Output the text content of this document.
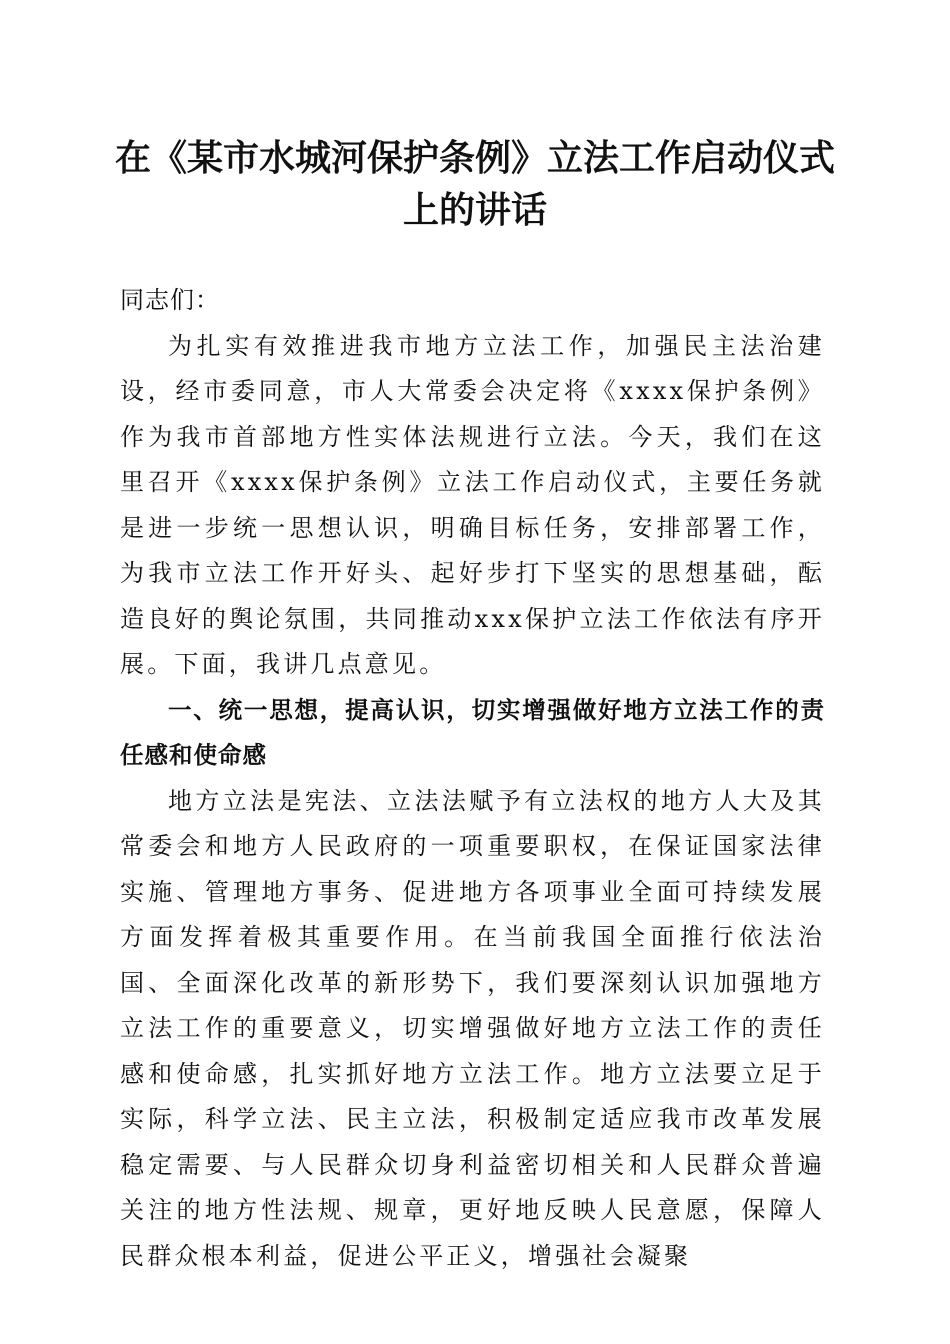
在《某市水城河保护条例》立法工作启动仪式上的讲话

同志们：

为扎实有效推进我市地方立法工作，加强民主法治建设，经市委同意，市人大常委会决定将《xxxx保护条例》作为我市首部地方性实体法规进行立法。今天，我们在这里召开《xxxx保护条例》立法工作启动仪式，主要任务就是进一步统一思想认识，明确目标任务，安排部署工作，为我市立法工作开好头、起好步打下坚实的思想基础，酝造良好的舆论氛围，共同推动xxx保护立法工作依法有序开展。下面，我讲几点意见。

一、统一思想，提高认识，切实增强做好地方立法工作的责任感和使命感

地方立法是宪法、立法法赋予有立法权的地方人大及其常委会和地方人民政府的一项重要职权，在保证国家法律实施、管理地方事务、促进地方各项事业全面可持续发展方面发挥着极其重要作用。在当前我国全面推行依法治国、全面深化改革的新形势下，我们要深刻认识加强地方立法工作的重要意义，切实增强做好地方立法工作的责任感和使命感，扎实抓好地方立法工作。地方立法要立足于实际，科学立法、民主立法，积极制定适应我市改革发展稳定需要、与人民群众切身利益密切相关和人民群众普遍关注的地方性法规、规章，更好地反映人民意愿，保障人民群众根本利益，促进公平正义，增强社会凝聚
